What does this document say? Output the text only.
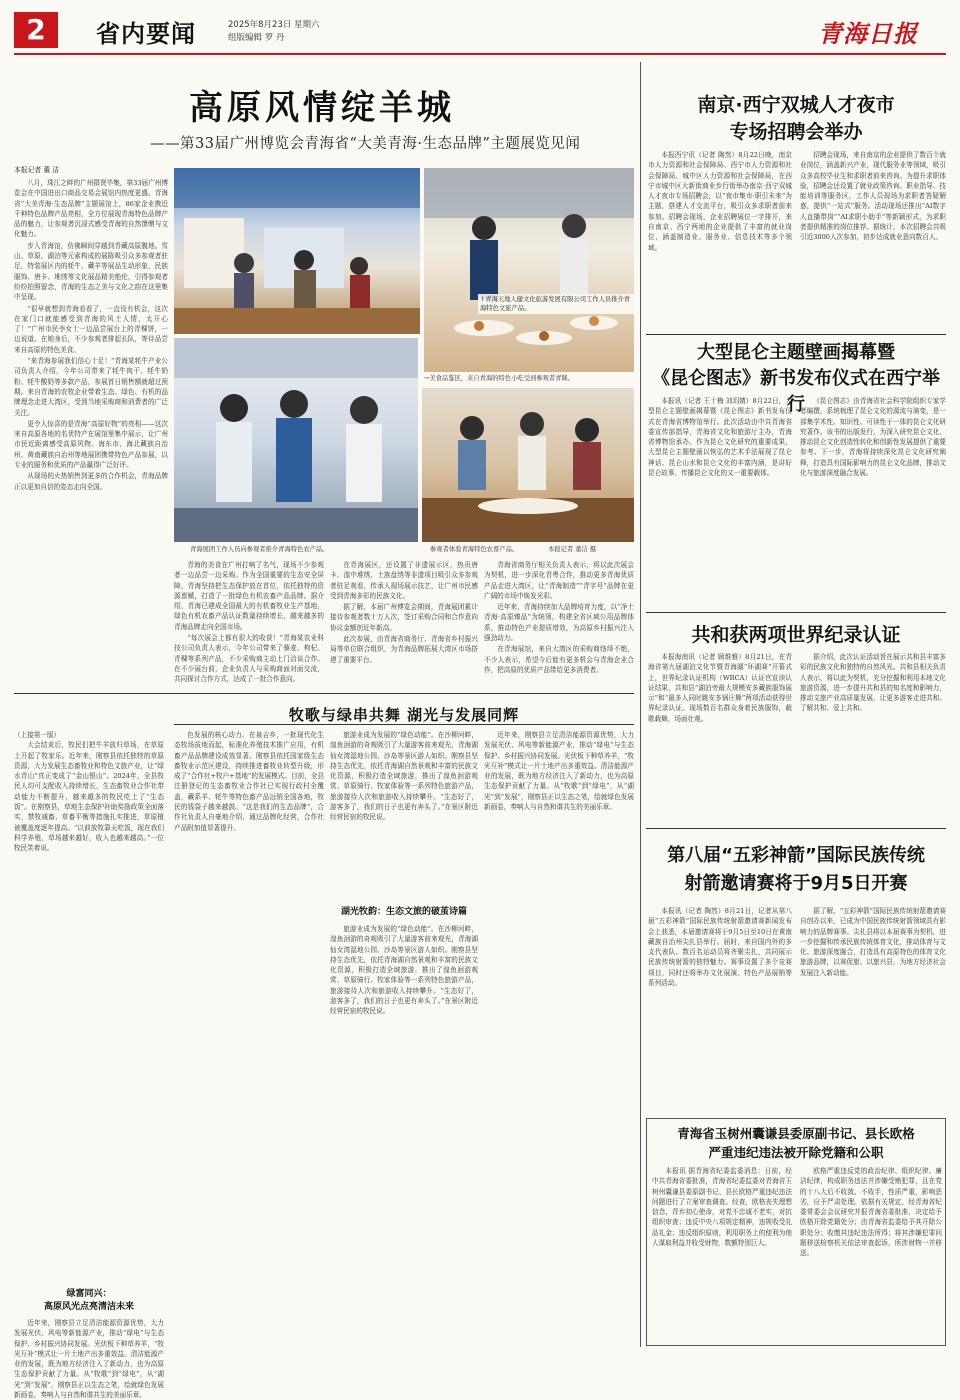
2	省内要闻	2025年8月23日 星期六
组版编辑 罗 丹	青海日报
高原风情绽羊城
——第33届广州博览会青海省“大美青海·生态品牌”主题展览见闻
本报记者 董 洁

八月，珠江之畔的广州群贤毕集，第33届广州博览会在中国进出口商品交易会展馆内热度更盛。青海省“大美青海·生态品牌”主题展馆上，86家企业携近千种特色品牌产品亮相，全方位展现青海特色品牌产品的魅力，让参观者沉浸式感受青海的自然馈赠与文化魅力。

步入青海馆，仿佛瞬间穿越到青藏高原腹地。雪山、草原、湖泊等元素构成的展陈吸引众多参观者驻足，特装展区内的牦牛、藏羊等展品生动形象，民族服饰、唐卡、堆绣等文化展品精美绝伦，引得参观者纷纷拍照留念，青海的生态之美与文化之韵在这里集中呈现。

“很早就想到青海看看了，一直没有机会，这次在家门口就能感受到青海的风土人情，太开心了！”广州市民李女士一边品尝展台上的青稞饼，一边说道。在她身后，不少参观者排起长队，等待品尝来自高原的特色美食。

“来青海参展我们信心十足！”青海某牦牛产业公司负责人介绍，今年公司带来了牦牛肉干、牦牛奶粉、牦牛酸奶等多款产品，参展首日销售额就超过预期。来自青海的农牧企业带着生态、绿色、有机的品牌理念走进大湾区，受到当地采购商和消费者的广泛关注。

更令人惊喜的是青海“高原好物”的亮相——这次来自高原各地的名优特产在展馆里集中展示，让广州市民近距离感受高原风物。海东市、海北藏族自治州、黄南藏族自治州等地展团携带特色产品参展，以专业的服务和优质的产品赢得广泛好评。

从现场的火热销售到更多的合作机会，青海品牌正以更加自信的姿态走向全国。

↑青海天地人健文化旅游发展有限公司工作人员推介青海特色文旅产品。
→美食品鉴区，来自青海的特色小吃受到参观者青睐。
青海展团工作人员向参观者推介青海特色农产品。	参观者体验青海特色农畜产品。	本报记者 董洁 摄

青海的美食在广州打响了名气，现场不少参观者一边品尝一边采购。作为全国重要的生态安全屏障，青海坚持把生态保护放在首位，依托独特的资源禀赋，打造了一批绿色有机农畜产品品牌。据介绍，青海已建成全国最大的有机畜牧业生产基地，绿色有机农畜产品认证数量持续增长，越来越多的青海品牌走向全国市场。

“每次展会上都有很大的收获！”青海某农业科技公司负责人表示，今年公司带来了藜麦、枸杞、青稞等系列产品，不少采购商主动上门洽谈合作。在不少展台前，企业负责人与采购商面对面交流，共同探讨合作方式，达成了一批合作意向。

在青海展区，还设置了非遗展示区，热贡唐卡、湟中堆绣、土族盘绣等非遗项目吸引众多参观者驻足观看，传承人现场展示技艺，让广州市民感受到青海多彩的民族文化。

据了解，本届广州博览会期间，青海展团累计接待参观者数十万人次，签订采购合同和合作意向协议金额创近年新高。

此次参展，由青海省商务厅、青海省乡村振兴局等单位联合组织，为青海品牌拓展大湾区市场搭建了重要平台。

青海省商务厅相关负责人表示，将以此次展会为契机，进一步深化青粤合作，推动更多青海优质产品走进大湾区，让“青海制造”“青字号”品牌在更广阔的市场中焕发光彩。

近年来，青海持续加大品牌培育力度，以“净土青海·高原臻品”为统领，构建全省区域公用品牌体系，推动特色产业提质增效，为高原乡村振兴注入强劲动力。

在青海展馆，来自大湾区的采购商络绎不绝，不少人表示，希望今后能有更多机会与青海企业合作，把高原的优质产品带给更多消费者。

南京·西宁双城人才夜市
专场招聘会举办
本报西宁讯（记者 陶然）8月22日晚，南京市人力资源和社会保障局、西宁市人力资源和社会保障局、城中区人力资源和社会保障局，在西宁市城中区大新街商业步行街举办南京·西宁双城人才夜市专场招聘会，以“夜市集市·职引未来”为主题，搭建人才交流平台，吸引众多求职者前来参加。招聘会现场，企业招聘展位一字排开，来自南京、西宁两地的企业提供了丰富的就业岗位，涵盖制造业、服务业、信息技术等多个领域。
招聘会现场，来自南京的企业提供了数百个就业岗位，涵盖新兴产业、现代服务业等领域，吸引众多高校毕业生和求职者前来咨询。为提升求职体验，招聘会还设置了就业政策咨询、职业指导、技能培训等服务区，工作人员现场为求职者答疑解惑，提供“一站式”服务。活动现场还推出“AI数字人直播带岗”“AI求职小助手”等新颖形式，为求职者提供精准的岗位推荐。据统计，本次招聘会共吸引近3000人次参加，初步达成就业意向数百人。
大型昆仑主题壁画揭幕暨
《昆仑图志》新书发布仪式在西宁举行
本报讯（记者 王十梅 刘玥婧）8月22日，大型昆仑主题壁画揭幕暨《昆仑图志》新书发布仪式在青海省博物馆举行。此次活动由中共青海省委宣传部指导，青海省文化和旅游厅主办，青海省博物馆承办。作为昆仑文化研究的重要成果，大型昆仑主题壁画以恢弘的艺术手法展现了昆仑神话、昆仑山水和昆仑文化的丰富内涵，是讲好昆仑故事、传播昆仑文化的又一重要载体。
《昆仑图志》由青海省社会科学院组织专家学者编撰，系统梳理了昆仑文化的源流与演变，是一部集学术性、知识性、可读性于一体的昆仑文化研究著作。该书的出版发行，为深入研究昆仑文化、推动昆仑文化创造性转化和创新性发展提供了重要参考。下一步，青海将持续深化昆仑文化研究阐释，打造具有国际影响力的昆仑文化品牌，推动文化与旅游深度融合发展。
共和获两项世界纪录认证
本报海南讯（记者 顾维雅）8月21日，在青海省第九届湖泊文化节暨青海湖“环湖赛”开幕式上，世界纪录认证机构（WRCA）认证官宣读认证结果，共和县“湖泊旁最大规模安多藏族服饰展示”和“最多人同时跳安多锅庄舞”两项活动获得世界纪录认证。现场数百名群众身着民族服饰，载歌载舞，场面壮观。
据介绍，此次认证活动旨在展示共和县丰富多彩的民族文化和独特的自然风光。共和县相关负责人表示，将以此为契机，充分挖掘和利用本地文化旅游资源，进一步提升共和县的知名度和影响力，推动文旅产业高质量发展，让更多游客走进共和、了解共和、爱上共和。
第八届“五彩神箭”国际民族传统
射箭邀请赛将于9月5日开赛
本报讯（记者 陶然）8月21日，记者从第八届“五彩神箭”国际民族传统射箭邀请赛新闻发布会上获悉，本届邀请赛将于9月5日至10日在黄南藏族自治州尖扎县举行。届时，来自国内外的多支代表队、数百名运动员将齐聚尖扎，共同展示民族传统射箭的独特魅力。赛事设置了多个竞赛项目，同时还将举办文化展演、特色产品展销等系列活动。
据了解，“五彩神箭”国际民族传统射箭邀请赛自创办以来，已成为中国民族传统射箭领域具有影响力的品牌赛事。尖扎县将以本届赛事为契机，进一步挖掘和传承民族传统体育文化，推动体育与文化、旅游深度融合，打造具有高原特色的体育文化旅游品牌，以赛促旅、以旅兴县，为地方经济社会发展注入新动能。
青海省玉树州囊谦县委原副书记、县长欧格
严重违纪违法被开除党籍和公职
本报讯 据青海省纪委监委消息：日前，经中共青海省委批准，青海省纪委监委对青海省玉树州囊谦县委原副书记、县长欧格严重违纪违法问题进行了立案审查调查。经查，欧格丧失理想信念，背弃初心使命，对党不忠诚不老实，对抗组织审查；违反中央八项规定精神，违规收受礼品礼金；违反组织原则，利用职务上的便利为他人谋取利益并收受财物，数额特别巨大。
欧格严重违反党的政治纪律、组织纪律、廉洁纪律，构成职务违法并涉嫌受贿犯罪，且在党的十八大后不收敛、不收手，性质严重，影响恶劣，应予严肃处理。依据有关规定，经青海省纪委常委会会议研究并报青海省委批准，决定给予欧格开除党籍处分；由青海省监委给予其开除公职处分；收缴其违纪违法所得；将其涉嫌犯罪问题移送检察机关依法审查起诉，所涉财物一并移送。
牧歌与绿串共舞 湖光与发展同辉
（上接第一版）

大会结束后，牧民们把牛羊放归草场，在草原上开起了牧家乐。近年来，刚察县依托独特的草原资源，大力发展生态畜牧业和特色文旅产业，让“绿水青山”真正变成了“金山银山”。2024年，全县牧民人均可支配收入持续增长，生态畜牧业合作社带动能力不断提升，越来越多的牧民吃上了“生态饭”。在刚察县，草地生态保护补助奖励政策全面落实，禁牧减畜、草畜平衡等措施扎实推进，草原植被覆盖度逐年提高。“以前放牧靠天吃饭，现在我们科学养殖，草场越来越好，收入也越来越高。”一位牧民笑着说。

绿富同兴：
高原风光点亮清洁未来

近年来，刚察县立足清洁能源资源优势，大力发展光伏、风电等新能源产业，推动“绿电”与生态保护、乡村振兴协同发展。光伏板下种草养羊，“牧光互补”模式让一片土地产出多重效益。清洁能源产业的发展，既为地方经济注入了新动力，也为高原生态保护贡献了力量。从“牧歌”到“绿电”，从“湖光”到“发展”，刚察县正以生态之笔，绘就绿色发展新画卷，奏响人与自然和谐共生的美丽乐章。

色发展的核心动力。在泉吉乡，一批现代化生态牧场拔地而起，标准化养殖技术推广应用，有机畜产品品牌建设成效显著。刚察县依托国家级生态畜牧业示范区建设，持续推进畜牧业转型升级，形成了“合作社+牧户+基地”的发展模式。目前，全县注册登记的生态畜牧业合作社已实现行政村全覆盖，藏系羊、牦牛等特色畜产品远销全国各地，牧民的钱袋子越来越鼓。“这是我们的生态品牌”，合作社负责人自豪地介绍，通过品牌化经营，合作社产品附加值显著提升。

旅游业成为发展的“绿色动能”。在沙柳河畔，湟鱼洄游的奇观吸引了大量游客前来观光，青海湖仙女湾湿地公园、沙岛等景区游人如织。刚察县坚持生态优先，依托青海湖自然景观和丰富的民族文化资源，积极打造全域旅游，推出了湟鱼洄游观赏、草原骑行、牧家体验等一系列特色旅游产品，旅游接待人次和旅游收入持续攀升。“生态好了，游客多了，我们的日子也更有奔头了。”在景区附近经营民宿的牧民说。

湖光牧韵：生态文旅的破茧诗篇

旅游业成为发展的“绿色动能”。在沙柳河畔，湟鱼洄游的奇观吸引了大量游客前来观光，青海湖仙女湾湿地公园、沙岛等景区游人如织。刚察县坚持生态优先，依托青海湖自然景观和丰富的民族文化资源，积极打造全域旅游，推出了湟鱼洄游观赏、草原骑行、牧家体验等一系列特色旅游产品，旅游接待人次和旅游收入持续攀升。“生态好了，游客多了，我们的日子也更有奔头了。”在景区附近经营民宿的牧民说。

近年来，刚察县立足清洁能源资源优势，大力发展光伏、风电等新能源产业，推动“绿电”与生态保护、乡村振兴协同发展。光伏板下种草养羊，“牧光互补”模式让一片土地产出多重效益。清洁能源产业的发展，既为地方经济注入了新动力，也为高原生态保护贡献了力量。从“牧歌”到“绿电”，从“湖光”到“发展”，刚察县正以生态之笔，绘就绿色发展新画卷，奏响人与自然和谐共生的美丽乐章。
